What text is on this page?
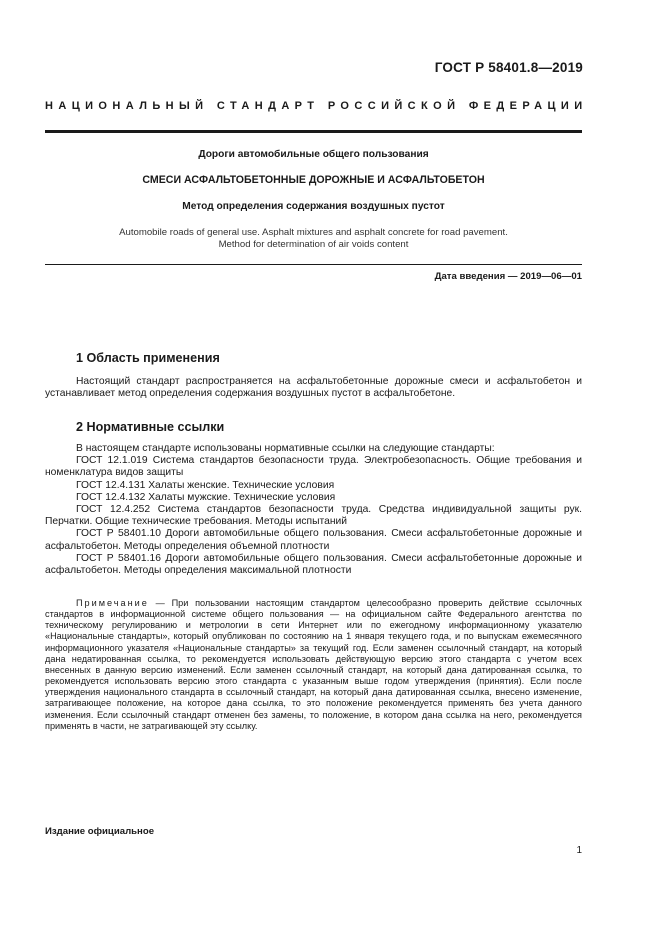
ГОСТ Р 58401.8—2019
НАЦИОНАЛЬНЫЙ СТАНДАРТ РОССИЙСКОЙ ФЕДЕРАЦИИ
Дороги автомобильные общего пользования
СМЕСИ АСФАЛЬТОБЕТОННЫЕ ДОРОЖНЫЕ И АСФАЛЬТОБЕТОН
Метод определения содержания воздушных пустот
Automobile roads of general use. Asphalt mixtures and asphalt concrete for road pavement.
Method for determination of air voids content
Дата введения — 2019—06—01
1 Область применения

Настоящий стандарт распространяется на асфальтобетонные дорожные смеси и асфальтобетон и устанавливает метод определения содержания воздушных пустот в асфальтобетоне.

2 Нормативные ссылки

В настоящем стандарте использованы нормативные ссылки на следующие стандарты:

ГОСТ 12.1.019 Система стандартов безопасности труда. Электробезопасность. Общие требования и номенклатура видов защиты

ГОСТ 12.4.131 Халаты женские. Технические условия

ГОСТ 12.4.132 Халаты мужские. Технические условия

ГОСТ 12.4.252 Система стандартов безопасности труда. Средства индивидуальной защиты рук. Перчатки. Общие технические требования. Методы испытаний

ГОСТ Р 58401.10 Дороги автомобильные общего пользования. Смеси асфальтобетонные дорожные и асфальтобетон. Методы определения объемной плотности

ГОСТ Р 58401.16 Дороги автомобильные общего пользования. Смеси асфальтобетонные дорожные и асфальтобетон. Методы определения максимальной плотности

Примечание — При пользовании настоящим стандартом целесообразно проверить действие ссылочных стандартов в информационной системе общего пользования — на официальном сайте Федерального агентства по техническому регулированию и метрологии в сети Интернет или по ежегодному информационному указателю «Национальные стандарты», который опубликован по состоянию на 1 января текущего года, и по выпускам ежемесячного информационного указателя «Национальные стандарты» за текущий год. Если заменен ссылочный стандарт, на который дана недатированная ссылка, то рекомендуется использовать действующую версию этого стандарта с учетом всех внесенных в данную версию изменений. Если заменен ссылочный стандарт, на который дана датированная ссылка, то рекомендуется использовать версию этого стандарта с указанным выше годом утверждения (принятия). Если после утверждения национального стандарта в ссылочный стандарт, на который дана датированная ссылка, внесено изменение, затрагивающее положение, на которое дана ссылка, то это положение рекомендуется применять без учета данного изменения. Если ссылочный стандарт отменен без замены, то положение, в котором дана ссылка на него, рекомендуется применять в части, не затрагивающей эту ссылку.
Издание официальное
1
